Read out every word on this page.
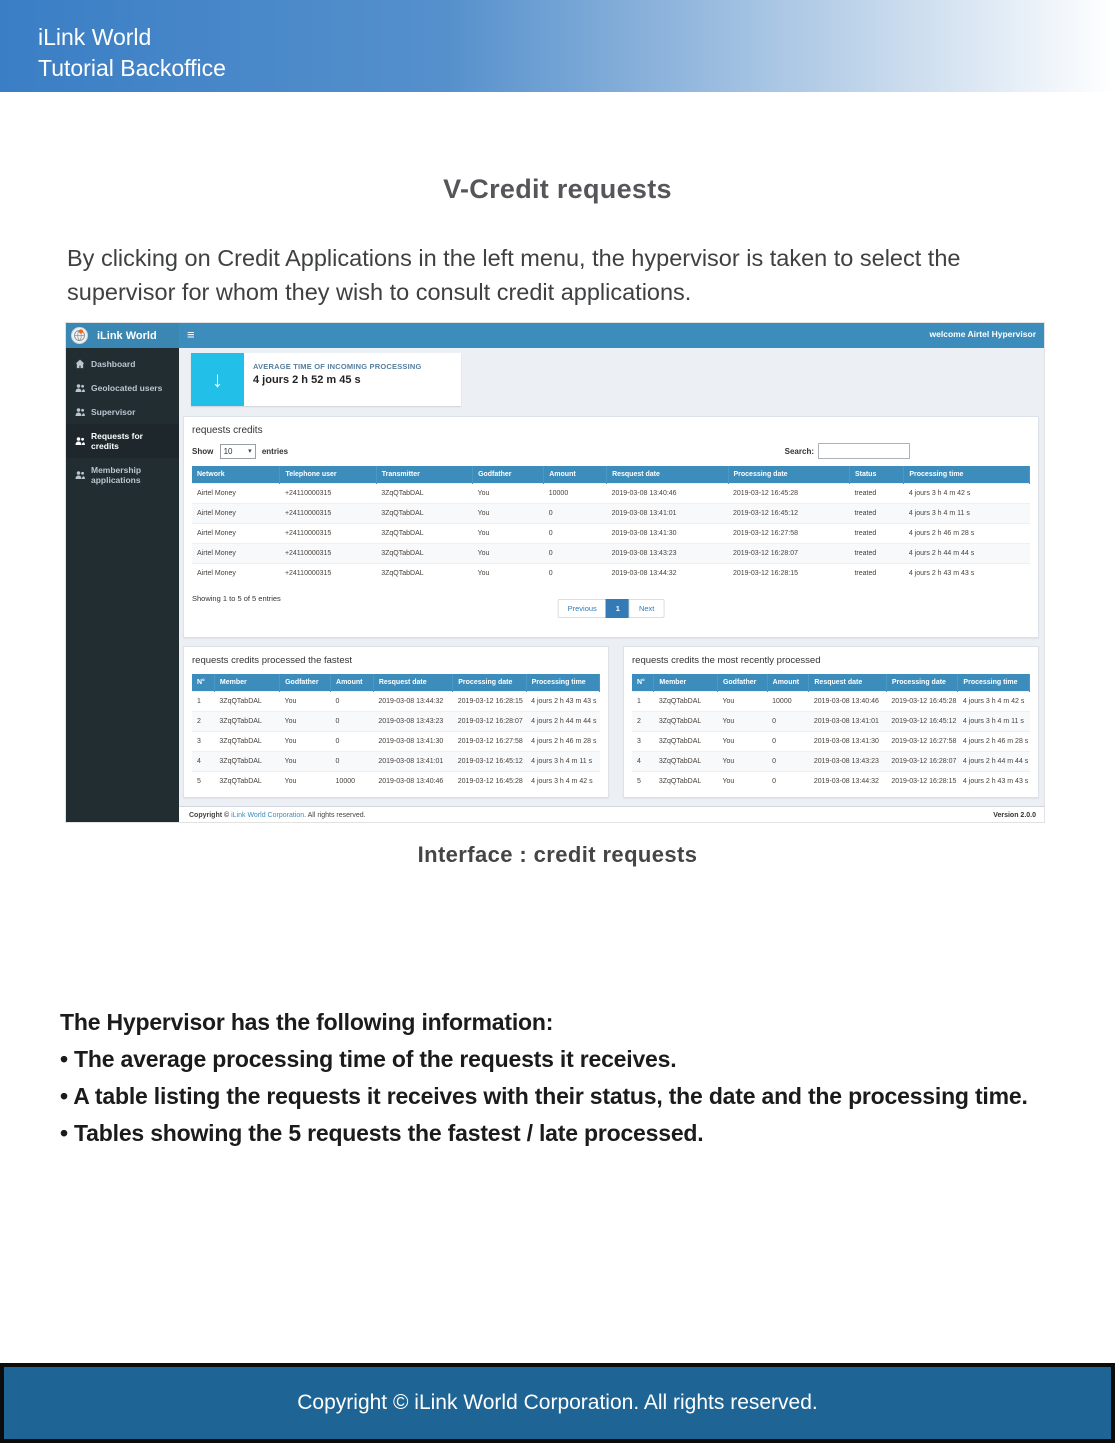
iLink World
Tutorial Backoffice
V-Credit requests

By clicking on Credit Applications in the left menu, the hypervisor is taken to select the supervisor for whom they wish to consult credit applications.

iLink World ≡	welcome Airtel Hypervisor
Dashboard
Geolocated users
Supervisor
Requests for credits
Membership applications
↓	AVERAGE TIME OF INCOMING PROCESSING
4 jours 2 h 52 m 45 s
requests credits
Show 10 ▾ entries	Search:
Network	Telephone user	Transmitter	Godfather	Amount	Resquest date	Processing date	Status	Processing time
Airtel Money	+24110000315	3ZqQTabDAL	You	10000	2019-03-08 13:40:46	2019-03-12 16:45:28	treated	4 jours 3 h 4 m 42 s
Airtel Money	+24110000315	3ZqQTabDAL	You	0	2019-03-08 13:41:01	2019-03-12 16:45:12	treated	4 jours 3 h 4 m 11 s
Airtel Money	+24110000315	3ZqQTabDAL	You	0	2019-03-08 13:41:30	2019-03-12 16:27:58	treated	4 jours 2 h 46 m 28 s
Airtel Money	+24110000315	3ZqQTabDAL	You	0	2019-03-08 13:43:23	2019-03-12 16:28:07	treated	4 jours 2 h 44 m 44 s
Airtel Money	+24110000315	3ZqQTabDAL	You	0	2019-03-08 13:44:32	2019-03-12 16:28:15	treated	4 jours 2 h 43 m 43 s
Showing 1 to 5 of 5 entries
Previous	1	Next
requests credits processed the fastest
N°	Member	Godfather	Amount	Resquest date	Processing date	Processing time
1	3ZqQTabDAL	You	0	2019-03-08 13:44:32	2019-03-12 16:28:15	4 jours 2 h 43 m 43 s
2	3ZqQTabDAL	You	0	2019-03-08 13:43:23	2019-03-12 16:28:07	4 jours 2 h 44 m 44 s
3	3ZqQTabDAL	You	0	2019-03-08 13:41:30	2019-03-12 16:27:58	4 jours 2 h 46 m 28 s
4	3ZqQTabDAL	You	0	2019-03-08 13:41:01	2019-03-12 16:45:12	4 jours 3 h 4 m 11 s
5	3ZqQTabDAL	You	10000	2019-03-08 13:40:46	2019-03-12 16:45:28	4 jours 3 h 4 m 42 s
requests credits the most recently processed
N°	Member	Godfather	Amount	Resquest date	Processing date	Processing time
1	3ZqQTabDAL	You	10000	2019-03-08 13:40:46	2019-03-12 16:45:28	4 jours 3 h 4 m 42 s
2	3ZqQTabDAL	You	0	2019-03-08 13:41:01	2019-03-12 16:45:12	4 jours 3 h 4 m 11 s
3	3ZqQTabDAL	You	0	2019-03-08 13:41:30	2019-03-12 16:27:58	4 jours 2 h 46 m 28 s
4	3ZqQTabDAL	You	0	2019-03-08 13:43:23	2019-03-12 16:28:07	4 jours 2 h 44 m 44 s
5	3ZqQTabDAL	You	0	2019-03-08 13:44:32	2019-03-12 16:28:15	4 jours 2 h 43 m 43 s
Copyright © iLink World Corporation. All rights reserved.	Version 2.0.0
Interface : credit requests
The Hypervisor has the following information:
• The average processing time of the requests it receives.
• A table listing the requests it receives with their status, the date and the processing time.
• Tables showing the 5 requests the fastest / late processed.
Copyright © iLink World Corporation. All rights reserved.
